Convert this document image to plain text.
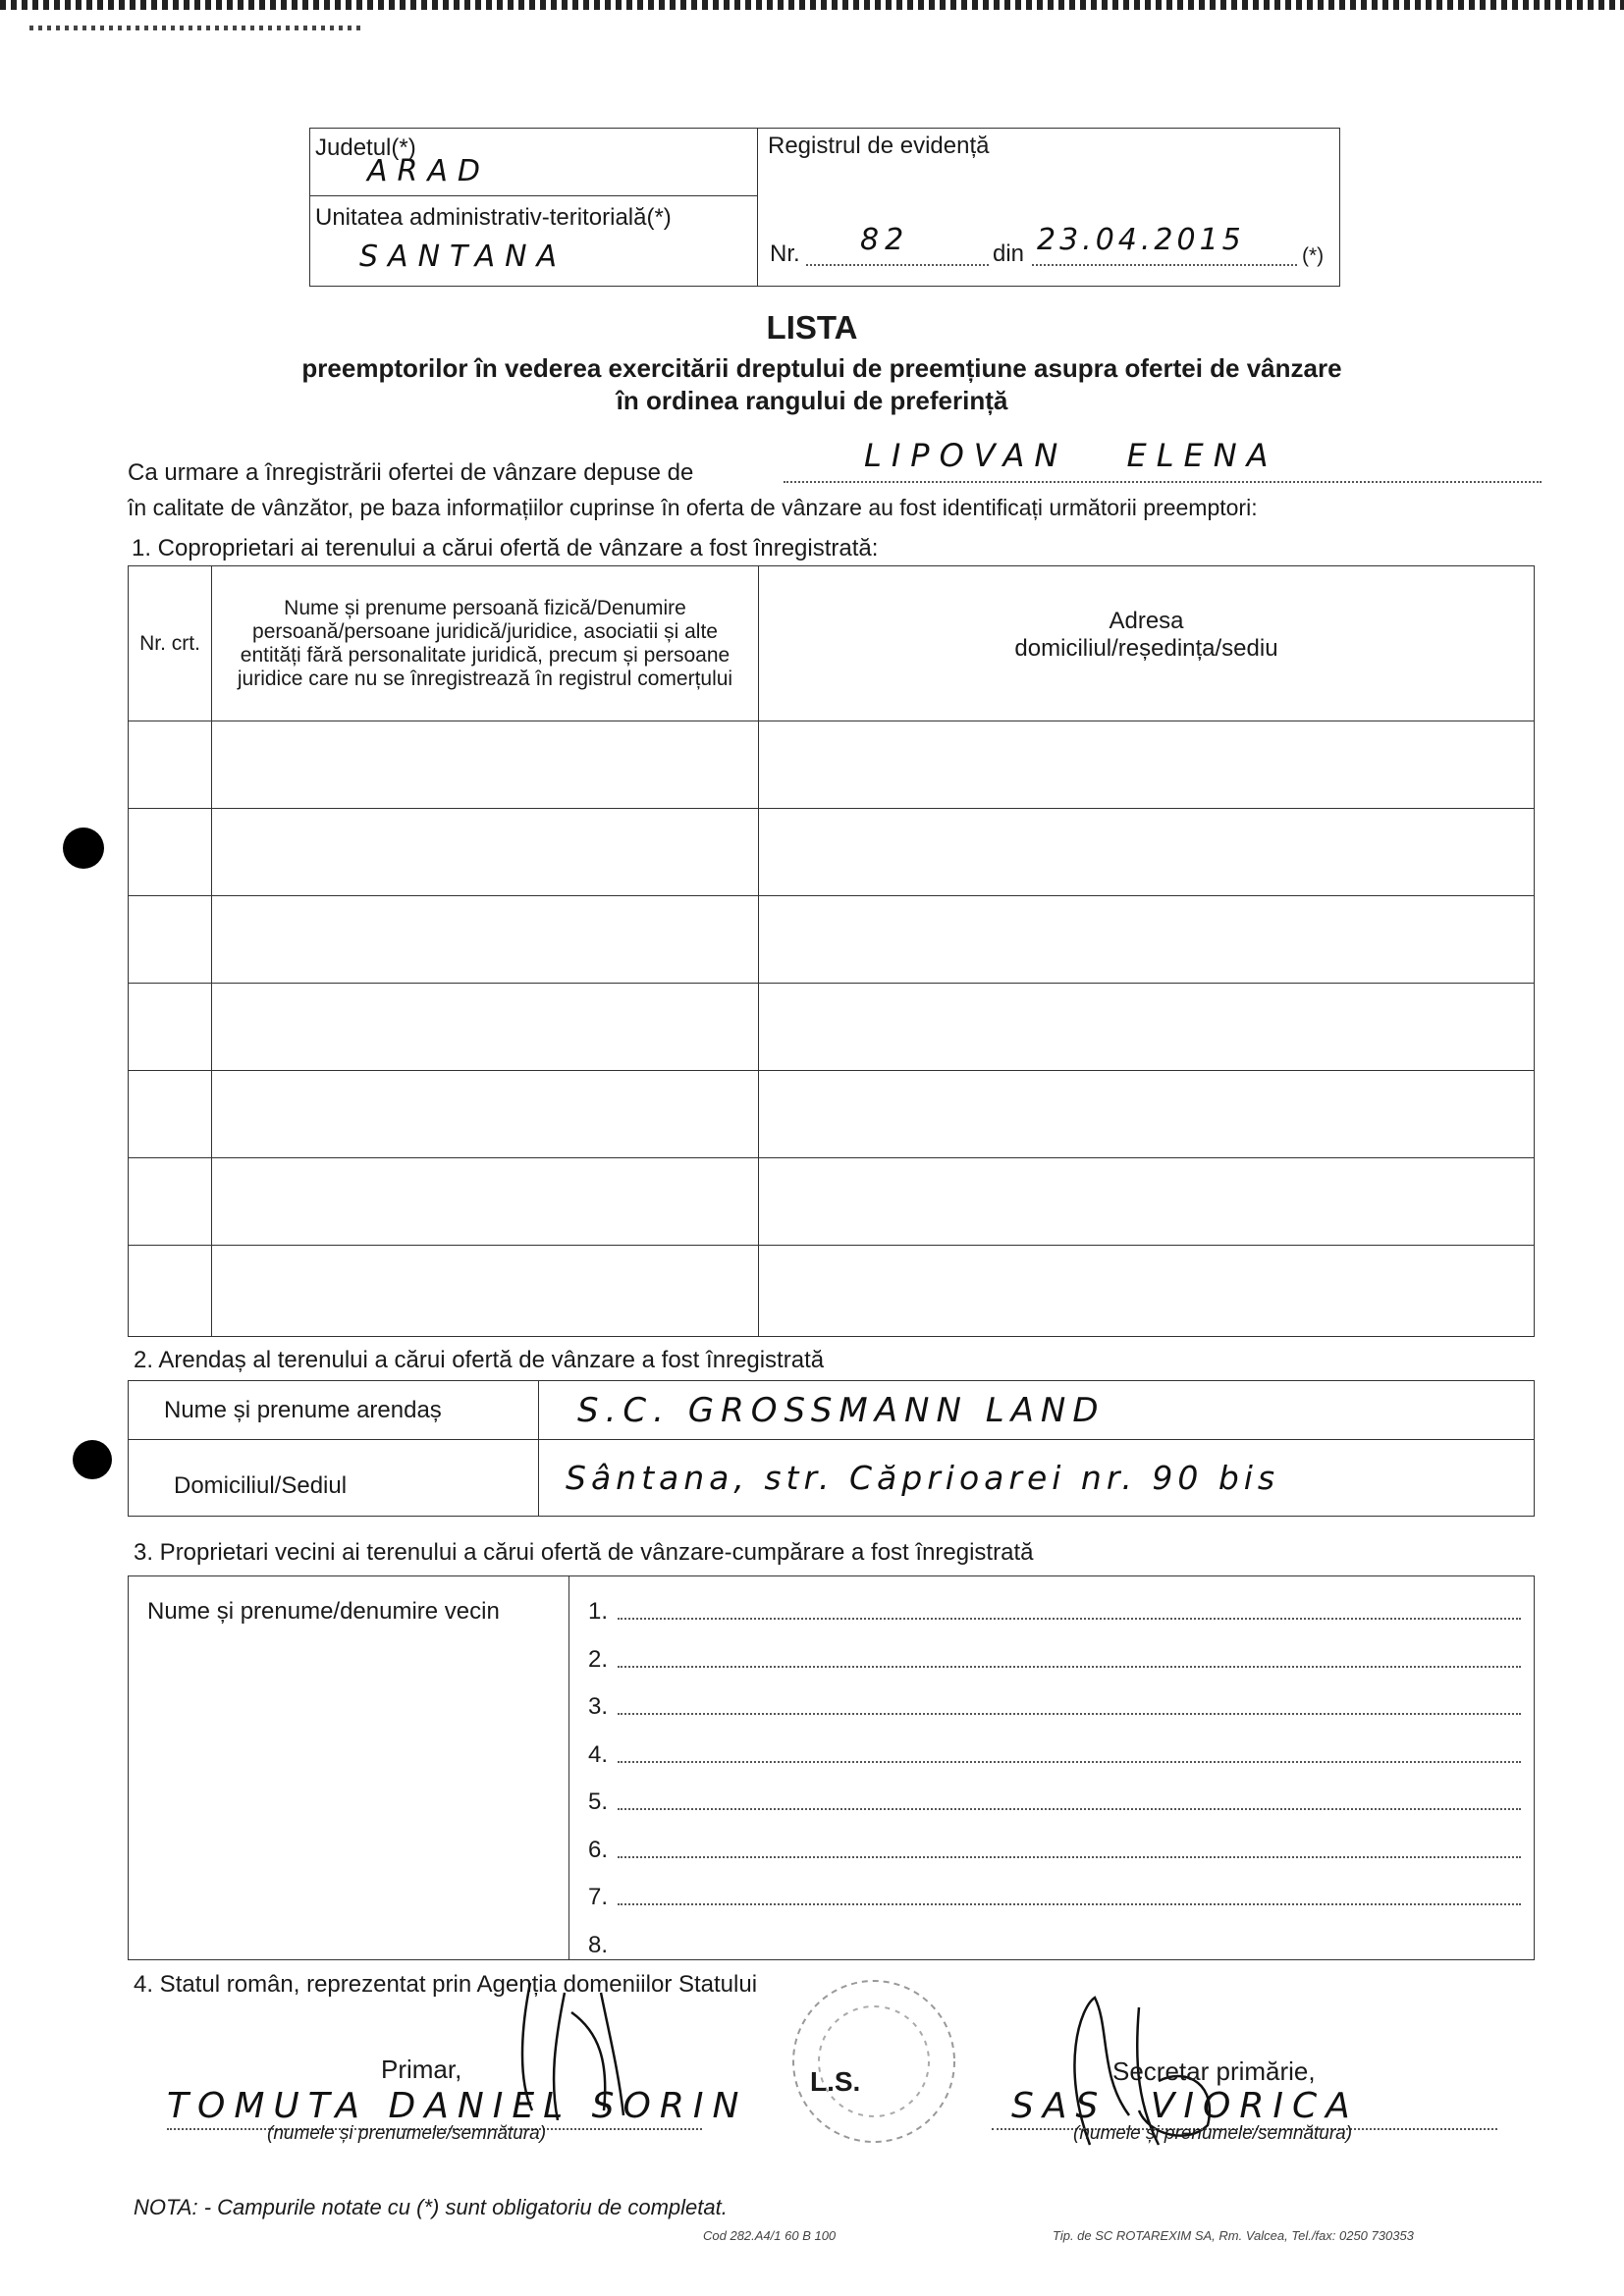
Judetul(*)
ARAD
Unitatea administrativ-teritorială(*)
SANTANA
Registrul de evidență
Nr. 82	din 23.04.2015	(*)
LISTA
preemptorilor în vederea exercitării dreptului de preemțiune asupra ofertei de vânzare
în ordinea rangului de preferință
Ca urmare a înregistrării ofertei de vânzare depuse de	LIPOVAN ELENA
în calitate de vânzător, pe baza informațiilor cuprinse în oferta de vânzare au fost identificați următorii preemptori:
1. Coproprietari ai terenului a cărui ofertă de vânzare a fost înregistrată:
Nr. crt.	Nume și prenume persoană fizică/Denumire persoană/persoane juridică/juridice, asociatii și alte entități fără personalitate juridică, precum și persoane juridice care nu se înregistrează în registrul comerțului	Adresa
domiciliul/reședința/sediu

2. Arendaș al terenului a cărui ofertă de vânzare a fost înregistrată
Nume și prenume arendaș	S.C. GROSSMANN LAND
Domiciliul/Sediul	Sântana, str. Căprioarei nr. 90 bis
3. Proprietari vecini ai terenului a cărui ofertă de vânzare-cumpărare a fost înregistrată
Nume și prenume/denumire vecin	1.
2.
3.
4.
5.
6.
7.
8.
4. Statul român, reprezentat prin Agenția domeniilor Statului
Primar,
TOMUTA DANIEL SORIN
(numele și prenumele/semnătura)
L.S.	Secretar primărie,
SAS VIORICA
(numele și prenumele/semnătura)
NOTA: - Campurile notate cu (*) sunt obligatoriu de completat.
Cod 282.A4/1 60 B 100	Tip. de SC ROTAREXIM SA, Rm. Valcea, Tel./fax: 0250 730353
